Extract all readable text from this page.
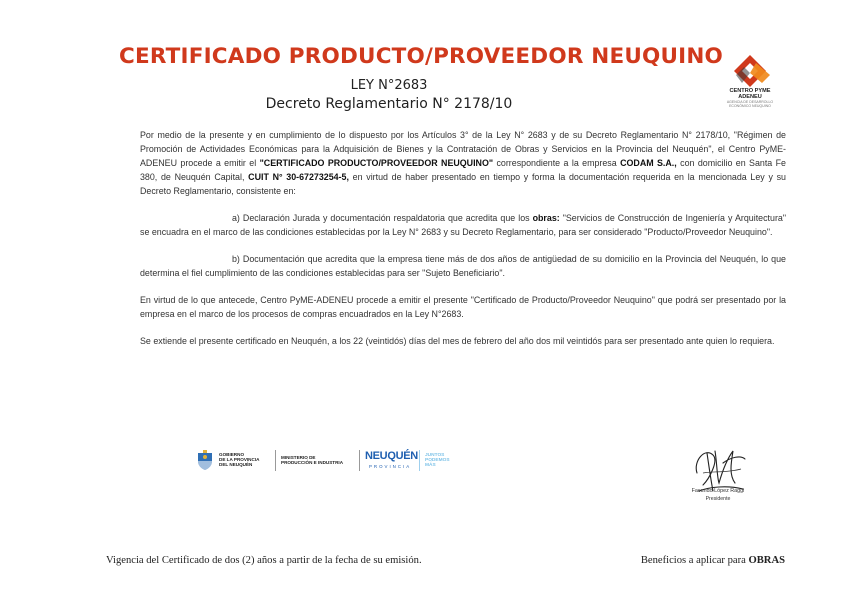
CERTIFICADO PRODUCTO/PROVEEDOR NEUQUINO
LEY N°2683
Decreto Reglamentario N° 2178/10
CENTRO PYME
ADENEU
AGENCIA DE DESARROLLO
ECONÓMICO NEUQUINO

Por medio de la presente y en cumplimiento de lo dispuesto por los Artículos 3° de la Ley N° 2683 y de su Decreto Reglamentario N° 2178/10, "Régimen de Promoción de Actividades Económicas para la Adquisición de Bienes y la Contratación de Obras y Servicios en la Provincia del Neuquén", el Centro PyME-ADENEU procede a emitir el "CERTIFICADO PRODUCTO/PROVEEDOR NEUQUINO" correspondiente a la empresa CODAM S.A., con domicilio en Santa Fe 380, de Neuquén Capital, CUIT N° 30-67273254-5, en virtud de haber presentado en tiempo y forma la documentación requerida en la mencionada Ley y su Decreto Reglamentario, consistente en:

a) Declaración Jurada y documentación respaldatoria que acredita que los obras: "Servicios de Construcción de Ingeniería y Arquitectura" se encuadra en el marco de las condiciones establecidas por la Ley N° 2683 y su Decreto Reglamentario, para ser considerado "Producto/Proveedor Neuquino".

b) Documentación que acredita que la empresa tiene más de dos años de antigüedad de su domicilio en la Provincia del Neuquén, lo que determina el fiel cumplimiento de las condiciones establecidas para ser "Sujeto Beneficiario".

En virtud de lo que antecede, Centro PyME-ADENEU procede a emitir el presente "Certificado de Producto/Proveedor Neuquino" que podrá ser presentado por la empresa en el marco de los procesos de compras encuadrados en la Ley N°2683.

Se extiende el presente certificado en Neuquén, a los 22 (veintidós) días del mes de febrero del año dos mil veintidós para ser presentado ante quien lo requiera.

GOBIERNO
DE LA PROVINCIA
DEL NEUQUÉN
MINISTERIO DE
PRODUCCIÓN E INDUSTRIA
NEUQUÉN
PROVINCIA
JUNTOS
PODEMOS
MÁS
Facundo López Raggi
Presidente
Vigencia del Certificado de dos (2) años a partir de la fecha de su emisión.	Beneficios a aplicar para OBRAS
